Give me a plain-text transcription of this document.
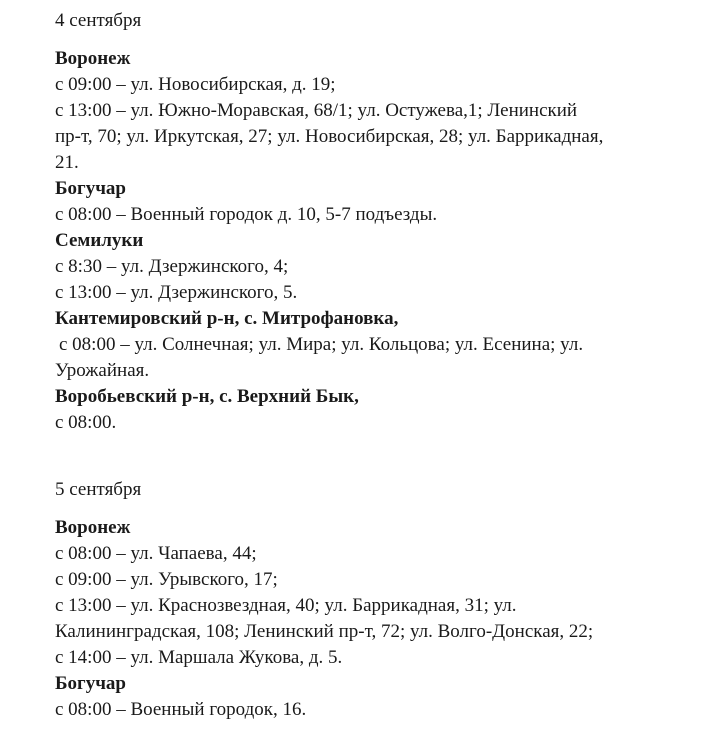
4 сентября

Воронеж

с 09:00 – ул. Новосибирская, д. 19;

с 13:00 – ул. Южно-Моравская, 68/1; ул. Остужева,1; Ленинский

пр-т, 70; ул. Иркутская, 27; ул. Новосибирская, 28; ул. Баррикадная,

21.

Богучар

с 08:00 – Военный городок д. 10, 5-7 подъезды.

Семилуки

с 8:30 – ул. Дзержинского, 4;

с 13:00 – ул. Дзержинского, 5.

Кантемировский р-н, с. Митрофановка,

с 08:00 – ул. Солнечная; ул. Мира; ул. Кольцова; ул. Есенина; ул.

Урожайная.

Воробьевский р-н, с. Верхний Бык,

с 08:00.

5 сентября

Воронеж

с 08:00 – ул. Чапаева, 44;

с 09:00 – ул. Урывского, 17;

с 13:00 – ул. Краснозвездная, 40; ул. Баррикадная, 31; ул.

Калининградская, 108; Ленинский пр-т, 72; ул. Волго-Донская, 22;

с 14:00 – ул. Маршала Жукова, д. 5.

Богучар

с 08:00 – Военный городок, 16.
